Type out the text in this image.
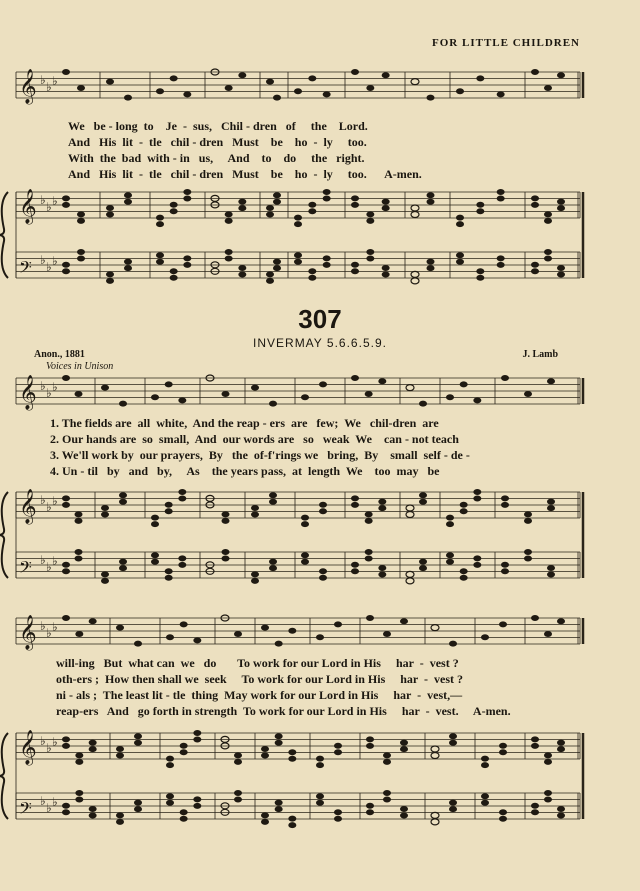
FOR LITTLE CHILDREN
𝄞 ♭ ♭ ♭
𝄞 ♭ ♭ ♭
𝄢 ♭ ♭ ♭
𝄞 ♭ ♭ ♭
𝄞 ♭ ♭ ♭
𝄢 ♭ ♭ ♭
𝄞 ♭ ♭ ♭
𝄞 ♭ ♭ ♭
𝄢 ♭ ♭ ♭
We   be - long  to    Je  -  sus,   Chil - dren   of     the    Lord.
And   His  lit  -  tle   chil - dren   Must    be    ho  -  ly     too.
With  the  bad  with - in   us,     And    to    do     the   right.
And   His  lit  -  tle   chil - dren   Must    be    ho  -  ly     too.      A-men.
307
INVERMAY 5.6.6.5.9.
Anon., 1881	J. Lamb
Voices in Unison
1. The fields are  all  white,  And the reap - ers  are   few;  We   chil-dren  are
2. Our hands are  so  small,  And  our words are   so   weak  We    can - not teach
3. We'll work by  our prayers,  By   the  of-f'rings we   bring,  By    small  self - de -
4. Un - til   by   and   by,     As    the years pass,  at  length  We    too  may   be
will-ing   But  what can  we   do       To work for our Lord in His     har  -  vest ?
oth-ers ;  How then shall we  seek     To work for our Lord in His     har  -  vest ?
ni - als ;  The least lit - tle  thing  May work for our Lord in His     har  -  vest,—
reap-ers   And   go forth in strength  To work for our Lord in His     har  -  vest.     A-men.
